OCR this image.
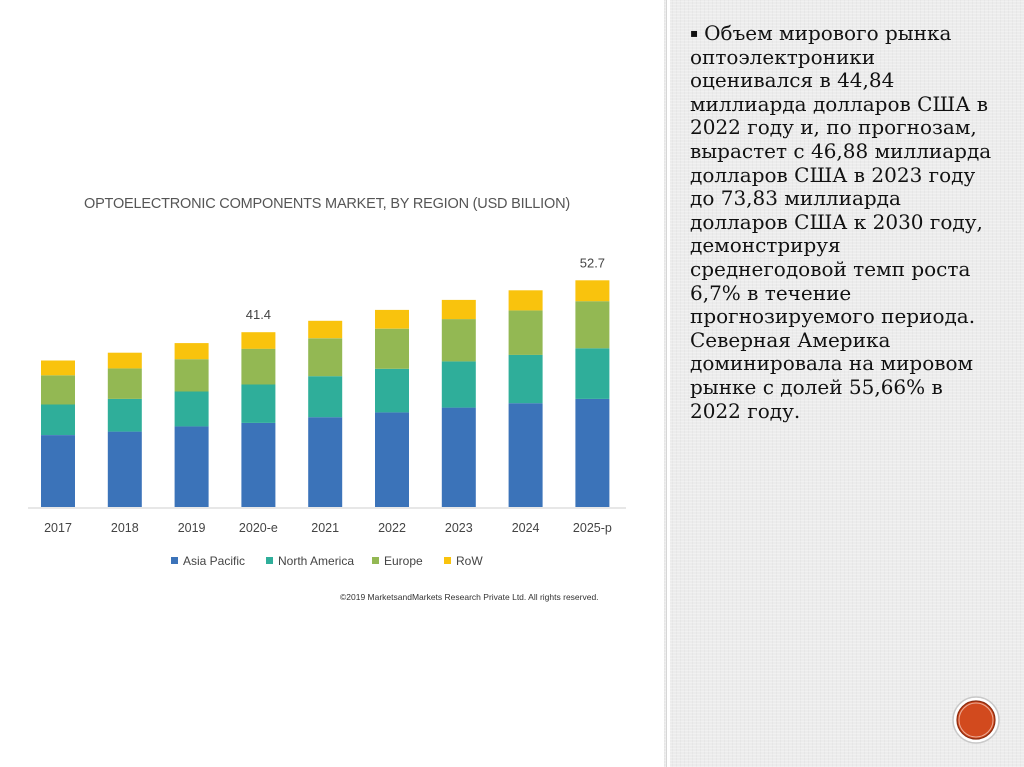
OPTOELECTRONIC COMPONENTS MARKET, BY REGION (USD BILLION)
2017	2018	2019	2020-e
41.4
2021	2022	2023	2024	2025-p
52.7
Asia Pacific	North America Europe	RoW
©2019 MarketsandMarkets Research Private Ltd. All rights reserved.

▪ Объем мирового рынка оптоэлектроники оценивался в 44,84 миллиарда долларов США в 2022 году и, по прогнозам, вырастет с 46,88 миллиарда долларов США в 2023 году до 73,83 миллиарда долларов США к 2030 году, демонстрируя среднегодовой темп роста 6,7% в течение прогнозируемого периода. Северная Америка доминировала на мировом рынке с долей 55,66% в 2022 году.
